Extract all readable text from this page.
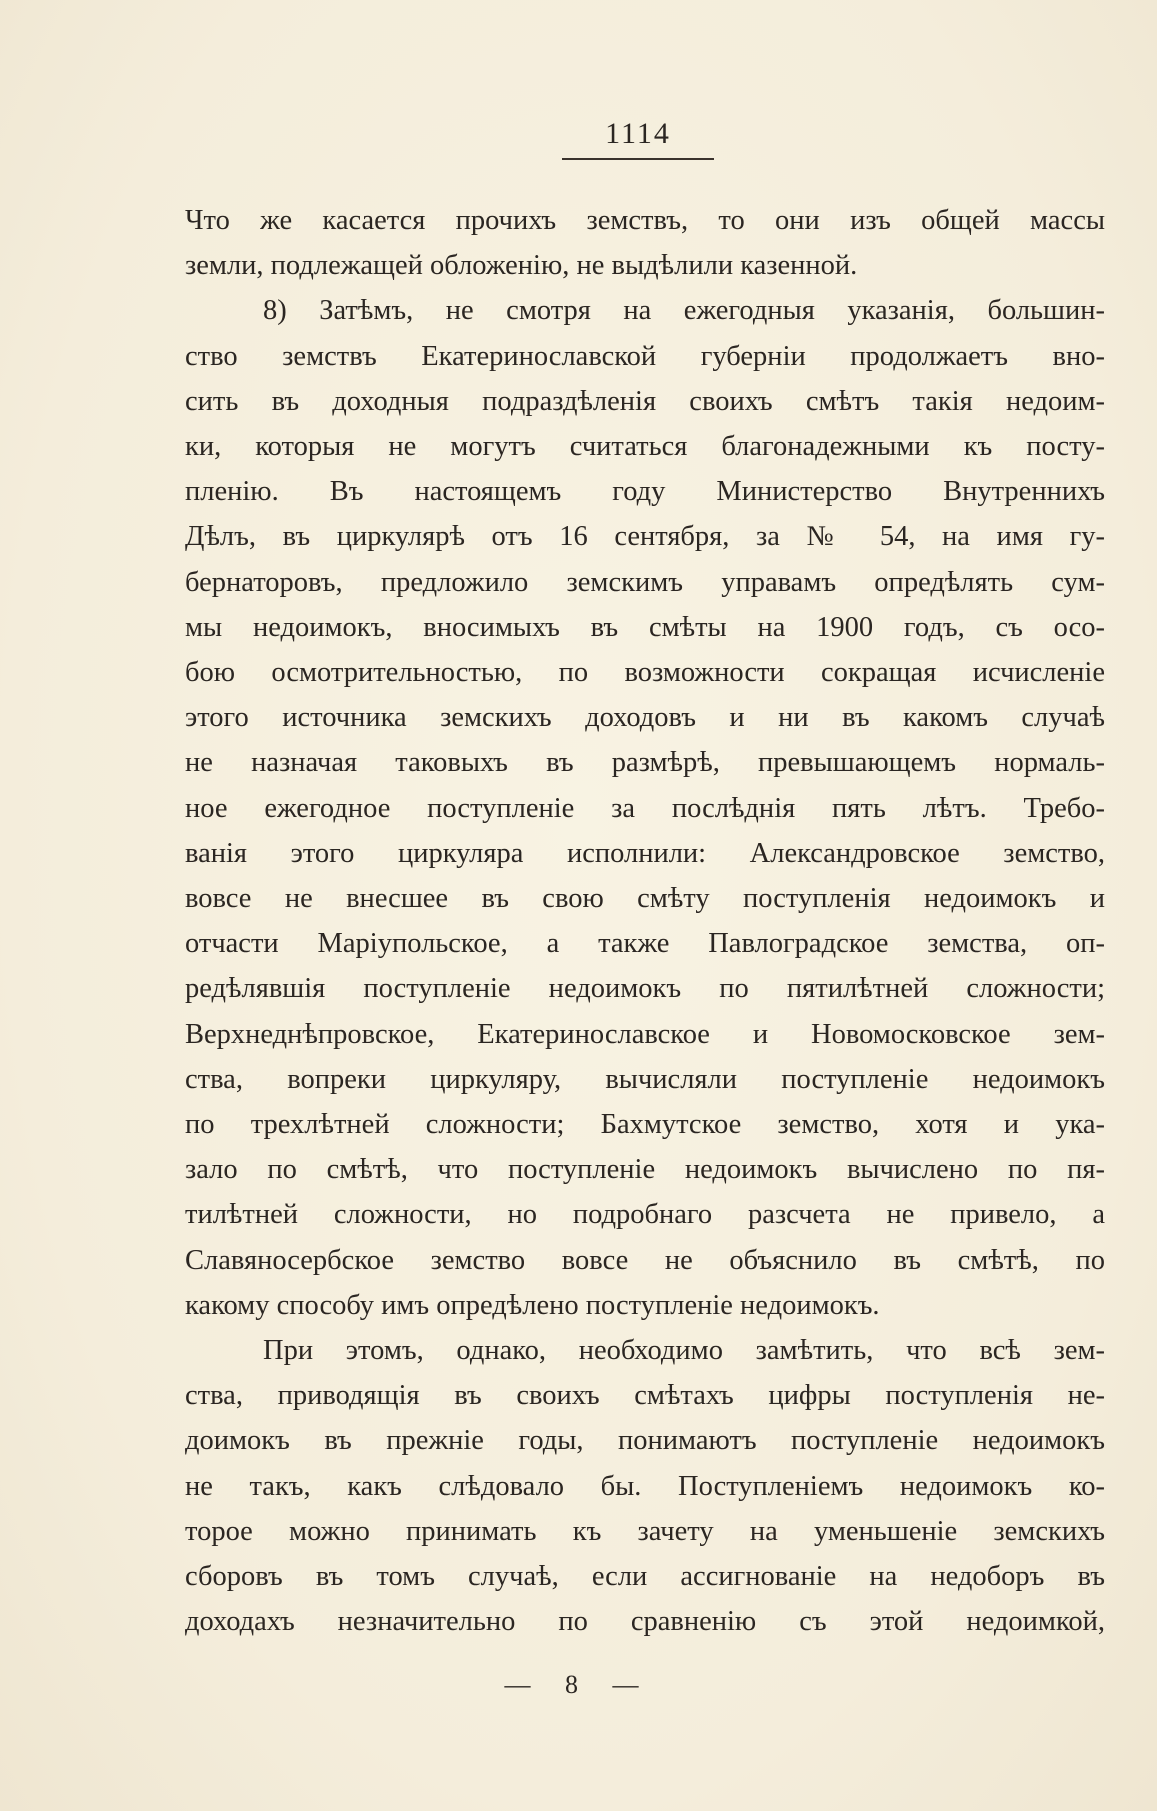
1114

Что же касается прочихъ земствъ, то они изъ общей массы

земли, подлежащей обложенію, не выдѣлили казенной.

8) Затѣмъ, не смотря на ежегодныя указанія, большин-

ство земствъ Екатеринославской губерніи продолжаетъ вно-

сить въ доходныя подраздѣленія своихъ смѣтъ такія недоим-

ки, которыя не могутъ считаться благонадежными къ посту-

пленію. Въ настоящемъ году Министерство Внутреннихъ

Дѣлъ, въ циркулярѣ отъ 16 сентября, за № 54, на имя гу-

бернаторовъ, предложило земскимъ управамъ опредѣлять сум-

мы недоимокъ, вносимыхъ въ смѣты на 1900 годъ, съ осо-

бою осмотрительностью, по возможности сокращая исчисленіе

этого источника земскихъ доходовъ и ни въ какомъ случаѣ

не назначая таковыхъ въ размѣрѣ, превышающемъ нормаль-

ное ежегодное поступленіе за послѣднія пять лѣтъ. Требо-

ванія этого циркуляра исполнили: Александровское земство,

вовсе не внесшее въ свою смѣту поступленія недоимокъ и

отчасти Маріупольское, а также Павлоградское земства, оп-

редѣлявшія поступленіе недоимокъ по пятилѣтней сложности;

Верхнеднѣпровское, Екатеринославское и Новомосковское зем-

ства, вопреки циркуляру, вычисляли поступленіе недоимокъ

по трехлѣтней сложности; Бахмутское земство, хотя и ука-

зало по смѣтѣ, что поступленіе недоимокъ вычислено по пя-

тилѣтней сложности, но подробнаго разсчета не привело, а

Славяносербское земство вовсе не объяснило въ смѣтѣ, по

какому способу имъ опредѣлено поступленіе недоимокъ.

При этомъ, однако, необходимо замѣтить, что всѣ зем-

ства, приводящія въ своихъ смѣтахъ цифры поступленія не-

доимокъ въ прежніе годы, понимаютъ поступленіе недоимокъ

не такъ, какъ слѣдовало бы. Поступленіемъ недоимокъ ко-

торое можно принимать къ зачету на уменьшеніе земскихъ

сборовъ въ томъ случаѣ, если ассигнованіе на недоборъ въ

доходахъ незначительно по сравненію съ этой недоимкой,

— 8 —
